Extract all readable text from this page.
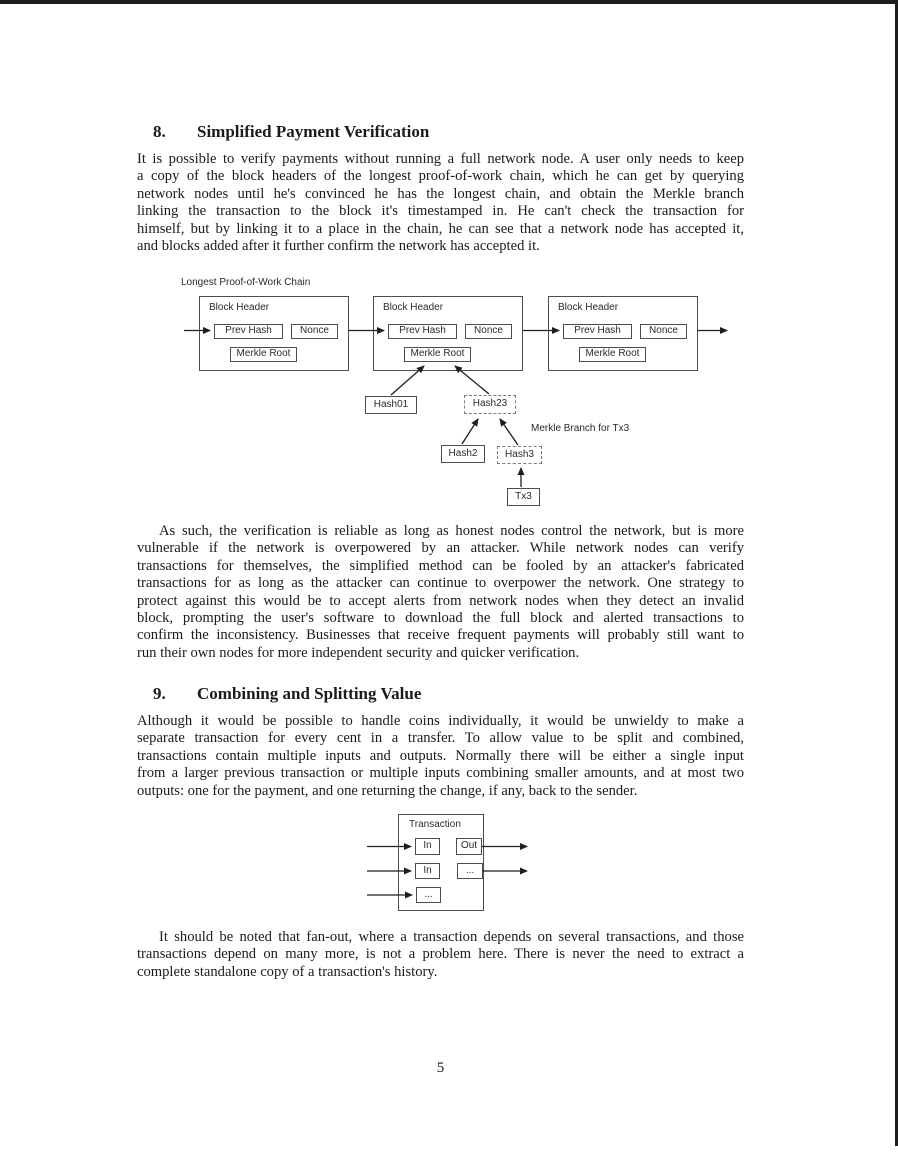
8. Simplified Payment Verification
It is possible to verify payments without running a full network node. A user only needs to keep
a copy of the block headers of the longest proof-of-work chain, which he can get by querying
network nodes until he's convinced he has the longest chain, and obtain the Merkle branch
linking the transaction to the block it's timestamped in. He can't check the transaction for
himself, but by linking it to a place in the chain, he can see that a network node has accepted it,
and blocks added after it further confirm the network has accepted it.
Longest Proof-of-Work Chain
Block Header
Prev Hash	Nonce
Merkle Root
Block Header
Prev Hash	Nonce
Merkle Root
Block Header
Prev Hash	Nonce
Merkle Root
Hash01	Hash23
Merkle Branch for Tx3
Hash2	Hash3
Tx3
As such, the verification is reliable as long as honest nodes control the network, but is more
vulnerable if the network is overpowered by an attacker. While network nodes can verify
transactions for themselves, the simplified method can be fooled by an attacker's fabricated
transactions for as long as the attacker can continue to overpower the network. One strategy to
protect against this would be to accept alerts from network nodes when they detect an invalid
block, prompting the user's software to download the full block and alerted transactions to
confirm the inconsistency. Businesses that receive frequent payments will probably still want to
run their own nodes for more independent security and quicker verification.
9. Combining and Splitting Value
Although it would be possible to handle coins individually, it would be unwieldy to make a
separate transaction for every cent in a transfer. To allow value to be split and combined,
transactions contain multiple inputs and outputs. Normally there will be either a single input
from a larger previous transaction or multiple inputs combining smaller amounts, and at most two
outputs: one for the payment, and one returning the change, if any, back to the sender.
Transaction
In
In
...
Out
...
It should be noted that fan-out, where a transaction depends on several transactions, and those
transactions depend on many more, is not a problem here. There is never the need to extract a
complete standalone copy of a transaction's history.
5
